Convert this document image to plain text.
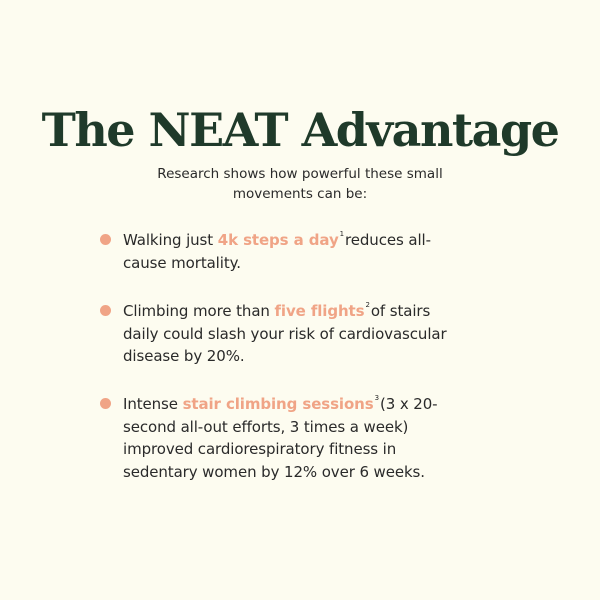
The NEAT Advantage
Research shows how powerful these small movements can be:
Walking just 4k steps a day$^1$reduces all-cause mortality.
Climbing more than five flights$^2$of stairs daily could slash your risk of cardiovascular disease by 20%.
Intense stair climbing sessions$^3$(3 x 20-second all-out efforts, 3 times a week) improved cardiorespiratory fitness in sedentary women by 12% over 6 weeks.
